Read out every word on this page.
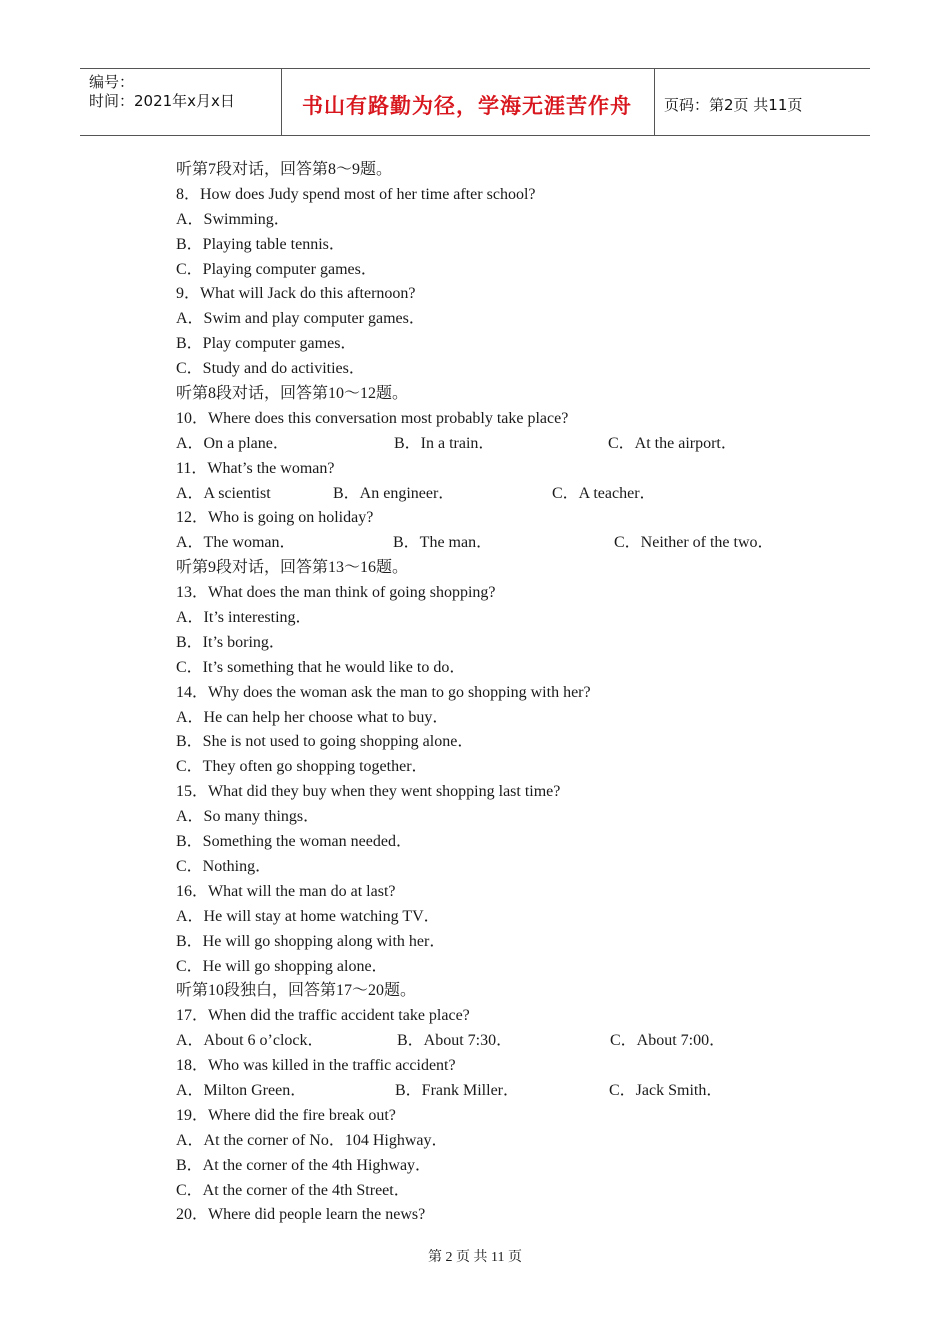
编号：
时间：2021年x月x日	书山有路勤为径，学海无涯苦作舟 页码：第2页 共11页
听第7段对话，回答第8～9题。
8．How does Judy spend most of her time after school?
A．Swimming．
B．Playing table tennis．
C．Playing computer games．
9．What will Jack do this afternoon?
A．Swim and play computer games．
B．Play computer games．
C．Study and do activities．
听第8段对话，回答第10～12题。
10．Where does this conversation most probably take place?
A．On a plane．	B．In a train．	C．At the airport．
11．What’s the woman?
A．A scientist	B．An engineer．	C．A teacher．
12．Who is going on holiday?
A．The woman．	B．The man．	C．Neither of the two．
听第9段对话，回答第13～16题。
13．What does the man think of going shopping?
A．It’s interesting．
B．It’s boring．
C．It’s something that he would like to do．
14．Why does the woman ask the man to go shopping with her?
A．He can help her choose what to buy．
B．She is not used to going shopping alone．
C．They often go shopping together．
15．What did they buy when they went shopping last time?
A．So many things．
B．Something the woman needed．
C．Nothing．
16．What will the man do at last?
A．He will stay at home watching TV．
B．He will go shopping along with her．
C．He will go shopping alone．
听第10段独白，回答第17～20题。
17．When did the traffic accident take place?
A．About 6 o’clock．	B．About 7:30．	C．About 7:00．
18．Who was killed in the traffic accident?
A．Milton Green．	B．Frank Miller．	C．Jack Smith．
19．Where did the fire break out?
A．At the corner of No．104 Highway．
B．At the corner of the 4th Highway．
C．At the corner of the 4th Street．
20．Where did people learn the news?
第 2 页 共 11 页
